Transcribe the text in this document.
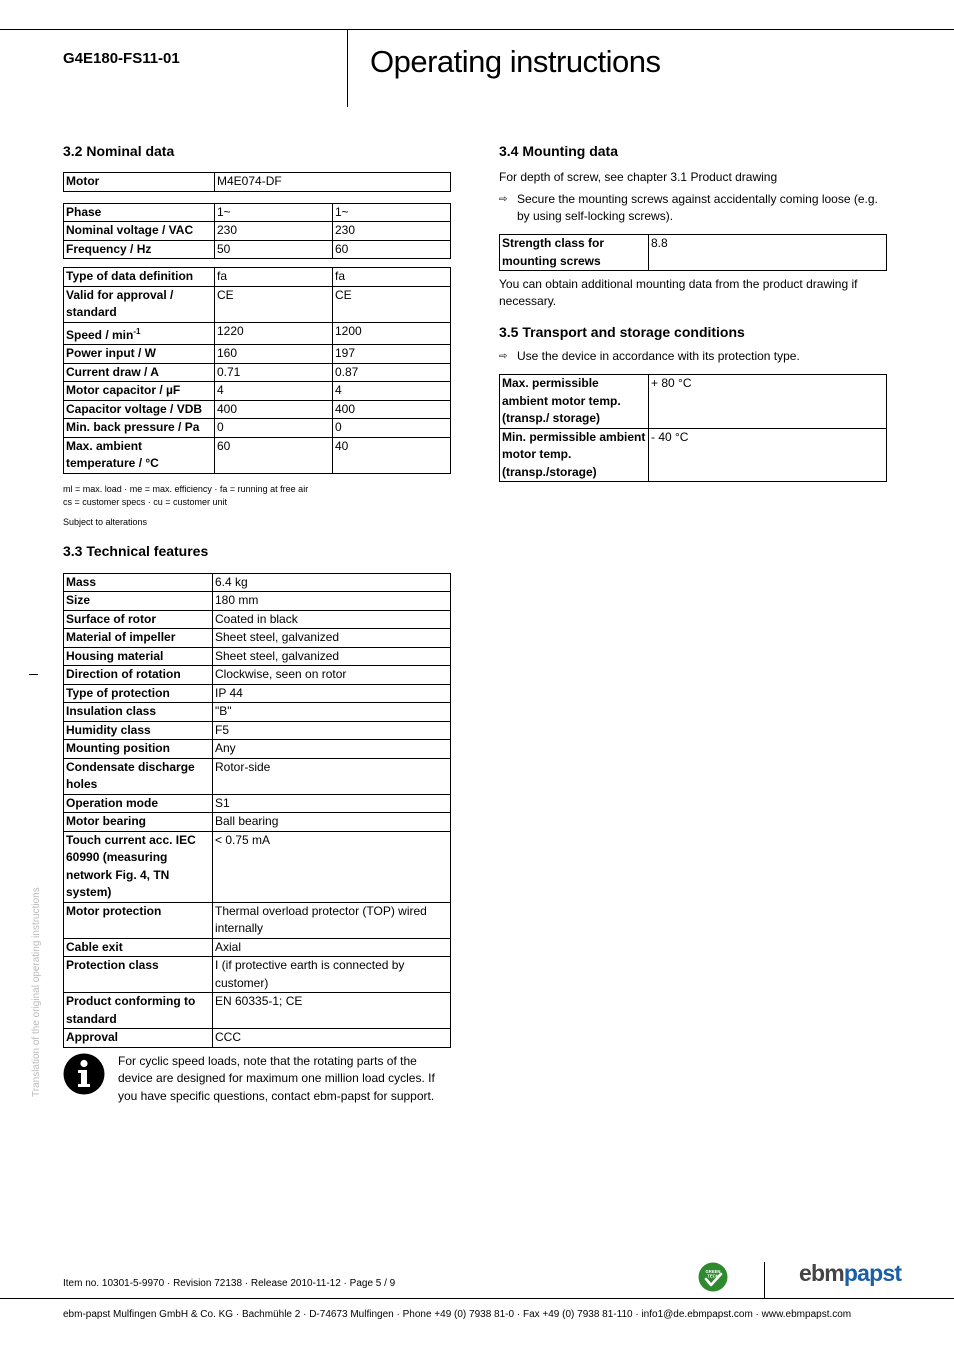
G4E180-FS11-01	Operating instructions
3.2 Nominal data
Motor	M4E074-DF
Phase	1~	1~
Nominal voltage / VAC	230	230
Frequency / Hz	50	60
Type of data definition	fa	fa
Valid for approval / standard	CE	CE
Speed / $\min^{-1}$	1220	1200
Power input / W	160	197
Current draw / A	0.71	0.87
Motor capacitor / µF	4	4
Capacitor voltage / VDB	400	400
Min. back pressure / Pa	0	0
Max. ambient temperature / °C	60	40
ml = max. load · me = max. efficiency · fa = running at free air
cs = customer specs · cu = customer unit
Subject to alterations
3.3 Technical features
Mass	6.4 kg
Size	180 mm
Surface of rotor	Coated in black
Material of impeller	Sheet steel, galvanized
Housing material	Sheet steel, galvanized
Direction of rotation	Clockwise, seen on rotor
Type of protection	IP 44
Insulation class	"B"
Humidity class	F5
Mounting position	Any
Condensate discharge holes	Rotor-side
Operation mode	S1
Motor bearing	Ball bearing
Touch current acc. IEC 60990 (measuring network Fig. 4, TN system)	< 0.75 mA
Motor protection	Thermal overload protector (TOP) wired internally
Cable exit	Axial
Protection class	I (if protective earth is connected by customer)
Product conforming to standard	EN 60335-1; CE
Approval	CCC
For cyclic speed loads, note that the rotating parts of the device are designed for maximum one million load cycles. If you have specific questions, contact ebm-papst for support.
3.4 Mounting data

For depth of screw, see chapter 3.1 Product drawing

⇨ Secure the mounting screws against accidentally coming loose (e.g. by using self-locking screws).
Strength class for mounting screws	8.8

You can obtain additional mounting data from the product drawing if necessary.

3.5 Transport and storage conditions
⇨ Use the device in accordance with its protection type.
Max. permissible ambient motor temp. (transp./ storage)	+ 80 °C
Min. permissible ambient motor temp. (transp./storage)	- 40 °C
Translation of the original operating instructions
Item no. 10301-5-9970 · Revision 72138 · Release 2010-11-12 · Page 5 / 9
GREEN
TECH	ebmpapst
ebm-papst Mulfingen GmbH & Co. KG · Bachmühle 2 · D-74673 Mulfingen · Phone +49 (0) 7938 81-0 · Fax +49 (0) 7938 81-110 · info1@de.ebmpapst.com · www.ebmpapst.com
